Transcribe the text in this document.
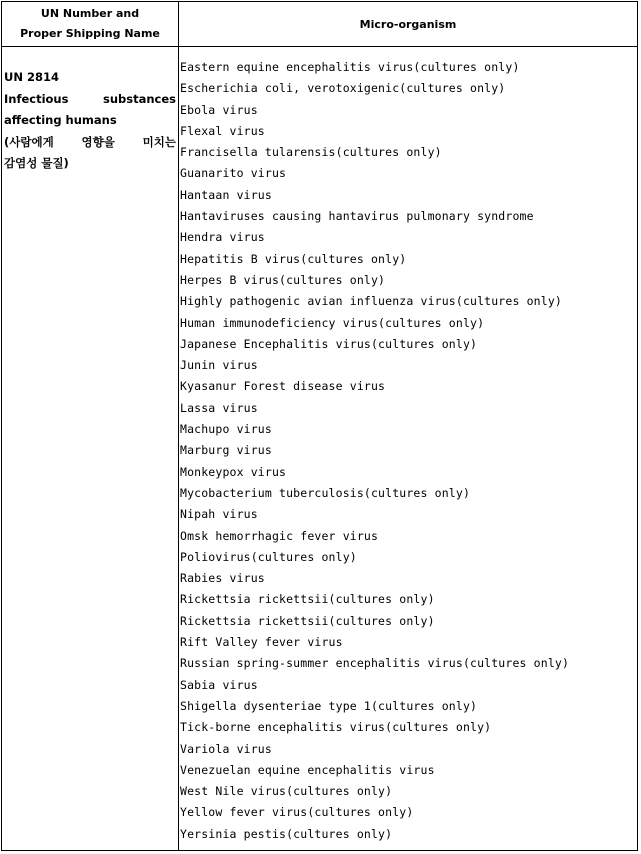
UN Number and
Proper Shipping Name
Micro-organism
UN 2814
Infectious substances
affecting humans
(사람에게 영향을 미치는
감염성 물질)
Eastern equine encephalitis virus(cultures only)
Escherichia coli, verotoxigenic(cultures only)
Ebola virus
Flexal virus
Francisella tularensis(cultures only)
Guanarito virus
Hantaan virus
Hantaviruses causing hantavirus pulmonary syndrome
Hendra virus
Hepatitis B virus(cultures only)
Herpes B virus(cultures only)
Highly pathogenic avian influenza virus(cultures only)
Human immunodeficiency virus(cultures only)
Japanese Encephalitis virus(cultures only)
Junin virus
Kyasanur Forest disease virus
Lassa virus
Machupo virus
Marburg virus
Monkeypox virus
Mycobacterium tuberculosis(cultures only)
Nipah virus
Omsk hemorrhagic fever virus
Poliovirus(cultures only)
Rabies virus
Rickettsia rickettsii(cultures only)
Rickettsia rickettsii(cultures only)
Rift Valley fever virus
Russian spring-summer encephalitis virus(cultures only)
Sabia virus
Shigella dysenteriae type 1(cultures only)
Tick-borne encephalitis virus(cultures only)
Variola virus
Venezuelan equine encephalitis virus
West Nile virus(cultures only)
Yellow fever virus(cultures only)
Yersinia pestis(cultures only)
